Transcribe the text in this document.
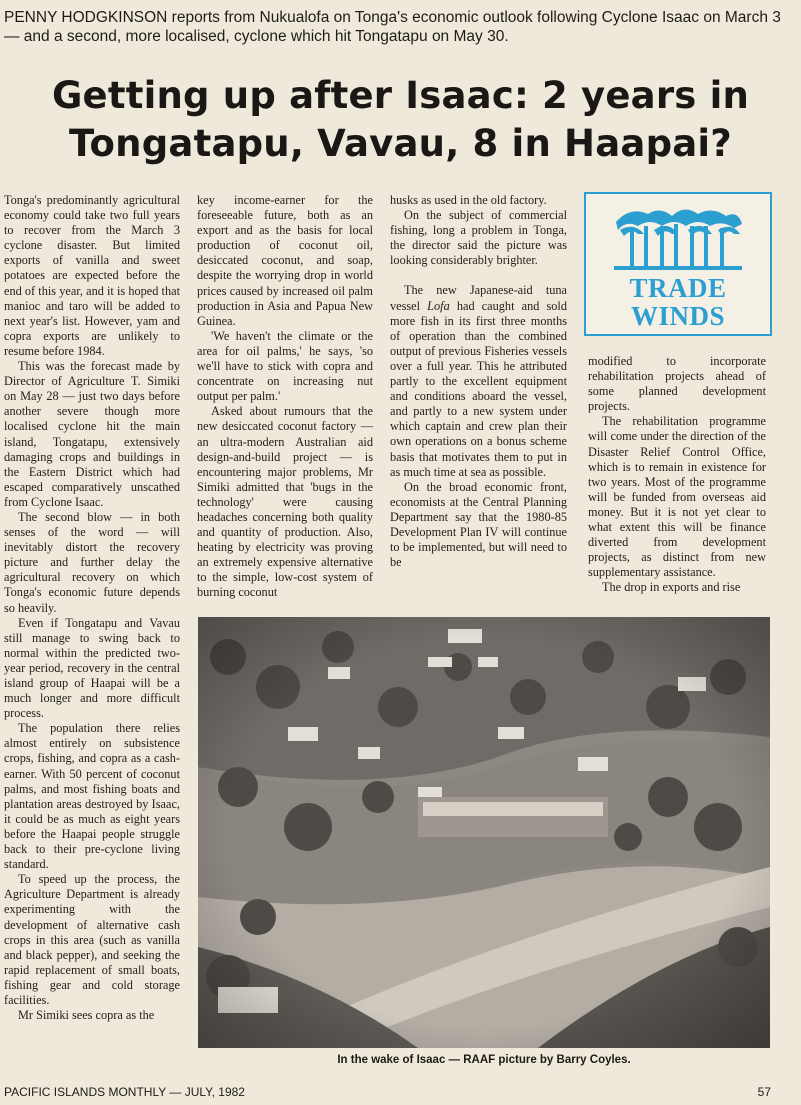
PENNY HODGKINSON reports from Nukualofa on Tonga's economic outlook following Cyclone Isaac on March 3 — and a second, more localised, cyclone which hit Tongatapu on May 30.
Getting up after Isaac: 2 years in Tongatapu, Vavau, 8 in Haapai?

Tonga's predominantly agricultural economy could take two full years to recover from the March 3 cyclone disaster. But limited exports of vanilla and sweet potatoes are expected before the end of this year, and it is hoped that manioc and taro will be added to next year's list. However, yam and copra exports are unlikely to resume before 1984.

This was the forecast made by Director of Agriculture T. Simiki on May 28 — just two days before another severe though more localised cyclone hit the main island, Tongatapu, extensively damaging crops and buildings in the Eastern District which had escaped comparatively unscathed from Cyclone Isaac.

The second blow — in both senses of the word — will inevitably distort the recovery picture and further delay the agricultural recovery on which Tonga's economic future depends so heavily.

Even if Tongatapu and Vavau still manage to swing back to normal within the predicted two-year period, recovery in the central island group of Haapai will be a much longer and more difficult process.

The population there relies almost entirely on subsistence crops, fishing, and copra as a cash-earner. With 50 percent of coconut palms, and most fishing boats and plantation areas destroyed by Isaac, it could be as much as eight years before the Haapai people struggle back to their pre-cyclone living standard.

To speed up the process, the Agriculture Department is already experimenting with the development of alternative cash crops in this area (such as vanilla and black pepper), and seeking the rapid replacement of small boats, fishing gear and cold storage facilities.

Mr Simiki sees copra as the

key income-earner for the foreseeable future, both as an export and as the basis for local production of coconut oil, desiccated coconut, and soap, despite the worrying drop in world prices caused by increased oil palm production in Asia and Papua New Guinea.

'We haven't the climate or the area for oil palms,' he says, 'so we'll have to stick with copra and concentrate on increasing nut output per palm.'

Asked about rumours that the new desiccated coconut factory — an ultra-modern Australian aid design-and-build project — is encountering major problems, Mr Simiki admitted that 'bugs in the technology' were causing headaches concerning both quality and quantity of production. Also, heating by electricity was proving an extremely expensive alternative to the simple, low-cost system of burning coconut

husks as used in the old factory.

On the subject of commercial fishing, long a problem in Tonga, the director said the picture was looking considerably brighter.

The new Japanese-aid tuna vessel Lofa had caught and sold more fish in its first three months of operation than the combined output of previous Fisheries vessels over a full year. This he attributed partly to the excellent equipment and conditions aboard the vessel, and partly to a new system under which captain and crew plan their own operations on a bonus scheme basis that motivates them to put in as much time at sea as possible.

On the broad economic front, economists at the Central Planning Department say that the 1980-85 Development Plan IV will continue to be implemented, but will need to be

TRADE WINDS

modified to incorporate rehabilitation projects ahead of some planned development projects.

The rehabilitation programme will come under the direction of the Disaster Relief Control Office, which is to remain in existence for two years. Most of the programme will be funded from overseas aid money. But it is not yet clear to what extent this will be finance diverted from development projects, as distinct from new supplementary assistance.

The drop in exports and rise

In the wake of Isaac — RAAF picture by Barry Coyles.
PACIFIC ISLANDS MONTHLY — JULY, 1982	57
